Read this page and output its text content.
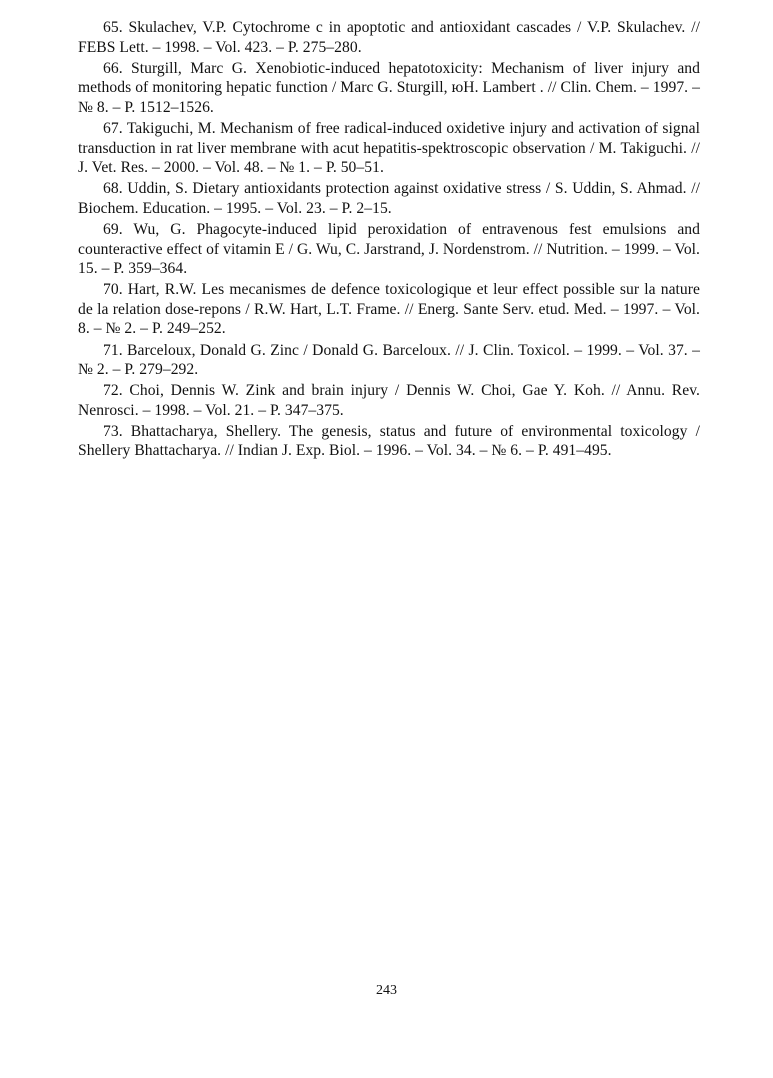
65. Skulachev, V.P. Cytochrome c in apoptotic and antioxidant cascades / V.P. Skulachev. // FEBS Lett. – 1998. – Vol. 423. – P. 275–280.

66. Sturgill, Marc G. Xenobiotic-induced hepatotoxicity: Mechanism of liver injury and methods of monitoring hepatic function / Marc G. Sturgill, юH. Lambert . // Clin. Chem. – 1997. – № 8. – P. 1512–1526.

67. Takiguchi, M. Mechanism of free radical-induced oxidetive injury and activation of signal transduction in rat liver membrane with acut hepatitis-spektroscopic observation / M. Takiguchi. // J. Vet. Res. – 2000. – Vol. 48. – № 1. – P. 50–51.

68. Uddin, S. Dietary antioxidants protection against oxidative stress / S. Uddin, S. Ahmad. // Biochem. Education. – 1995. – Vol. 23. – P. 2–15.

69. Wu, G. Phagocyte-induced lipid peroxidation of entravenous fest emulsions and counteractive effect of vitamin E / G. Wu, C. Jarstrand, J. Nordenstrom. // Nutrition. – 1999. – Vol. 15. – P. 359–364.

70. Hart, R.W. Les mecanismes de defence toxicologique et leur effect possible sur la nature de la relation dose-repons / R.W. Hart, L.T. Frame. // Energ. Sante Serv. etud. Med. – 1997. – Vol. 8. – № 2. – P. 249–252.

71. Barceloux, Donald G. Zinc / Donald G. Barceloux. // J. Clin. Toxicol. – 1999. – Vol. 37. – № 2. – P. 279–292.

72. Choi, Dennis W. Zink and brain injury / Dennis W. Choi, Gae Y. Koh. // Annu. Rev. Nenrosci. – 1998. – Vol. 21. – P. 347–375.

73. Bhattacharya, Shellery. The genesis, status and future of environmental toxicology / Shellery Bhattacharya. // Indian J. Exp. Biol. – 1996. – Vol. 34. – № 6. – P. 491–495.

243
